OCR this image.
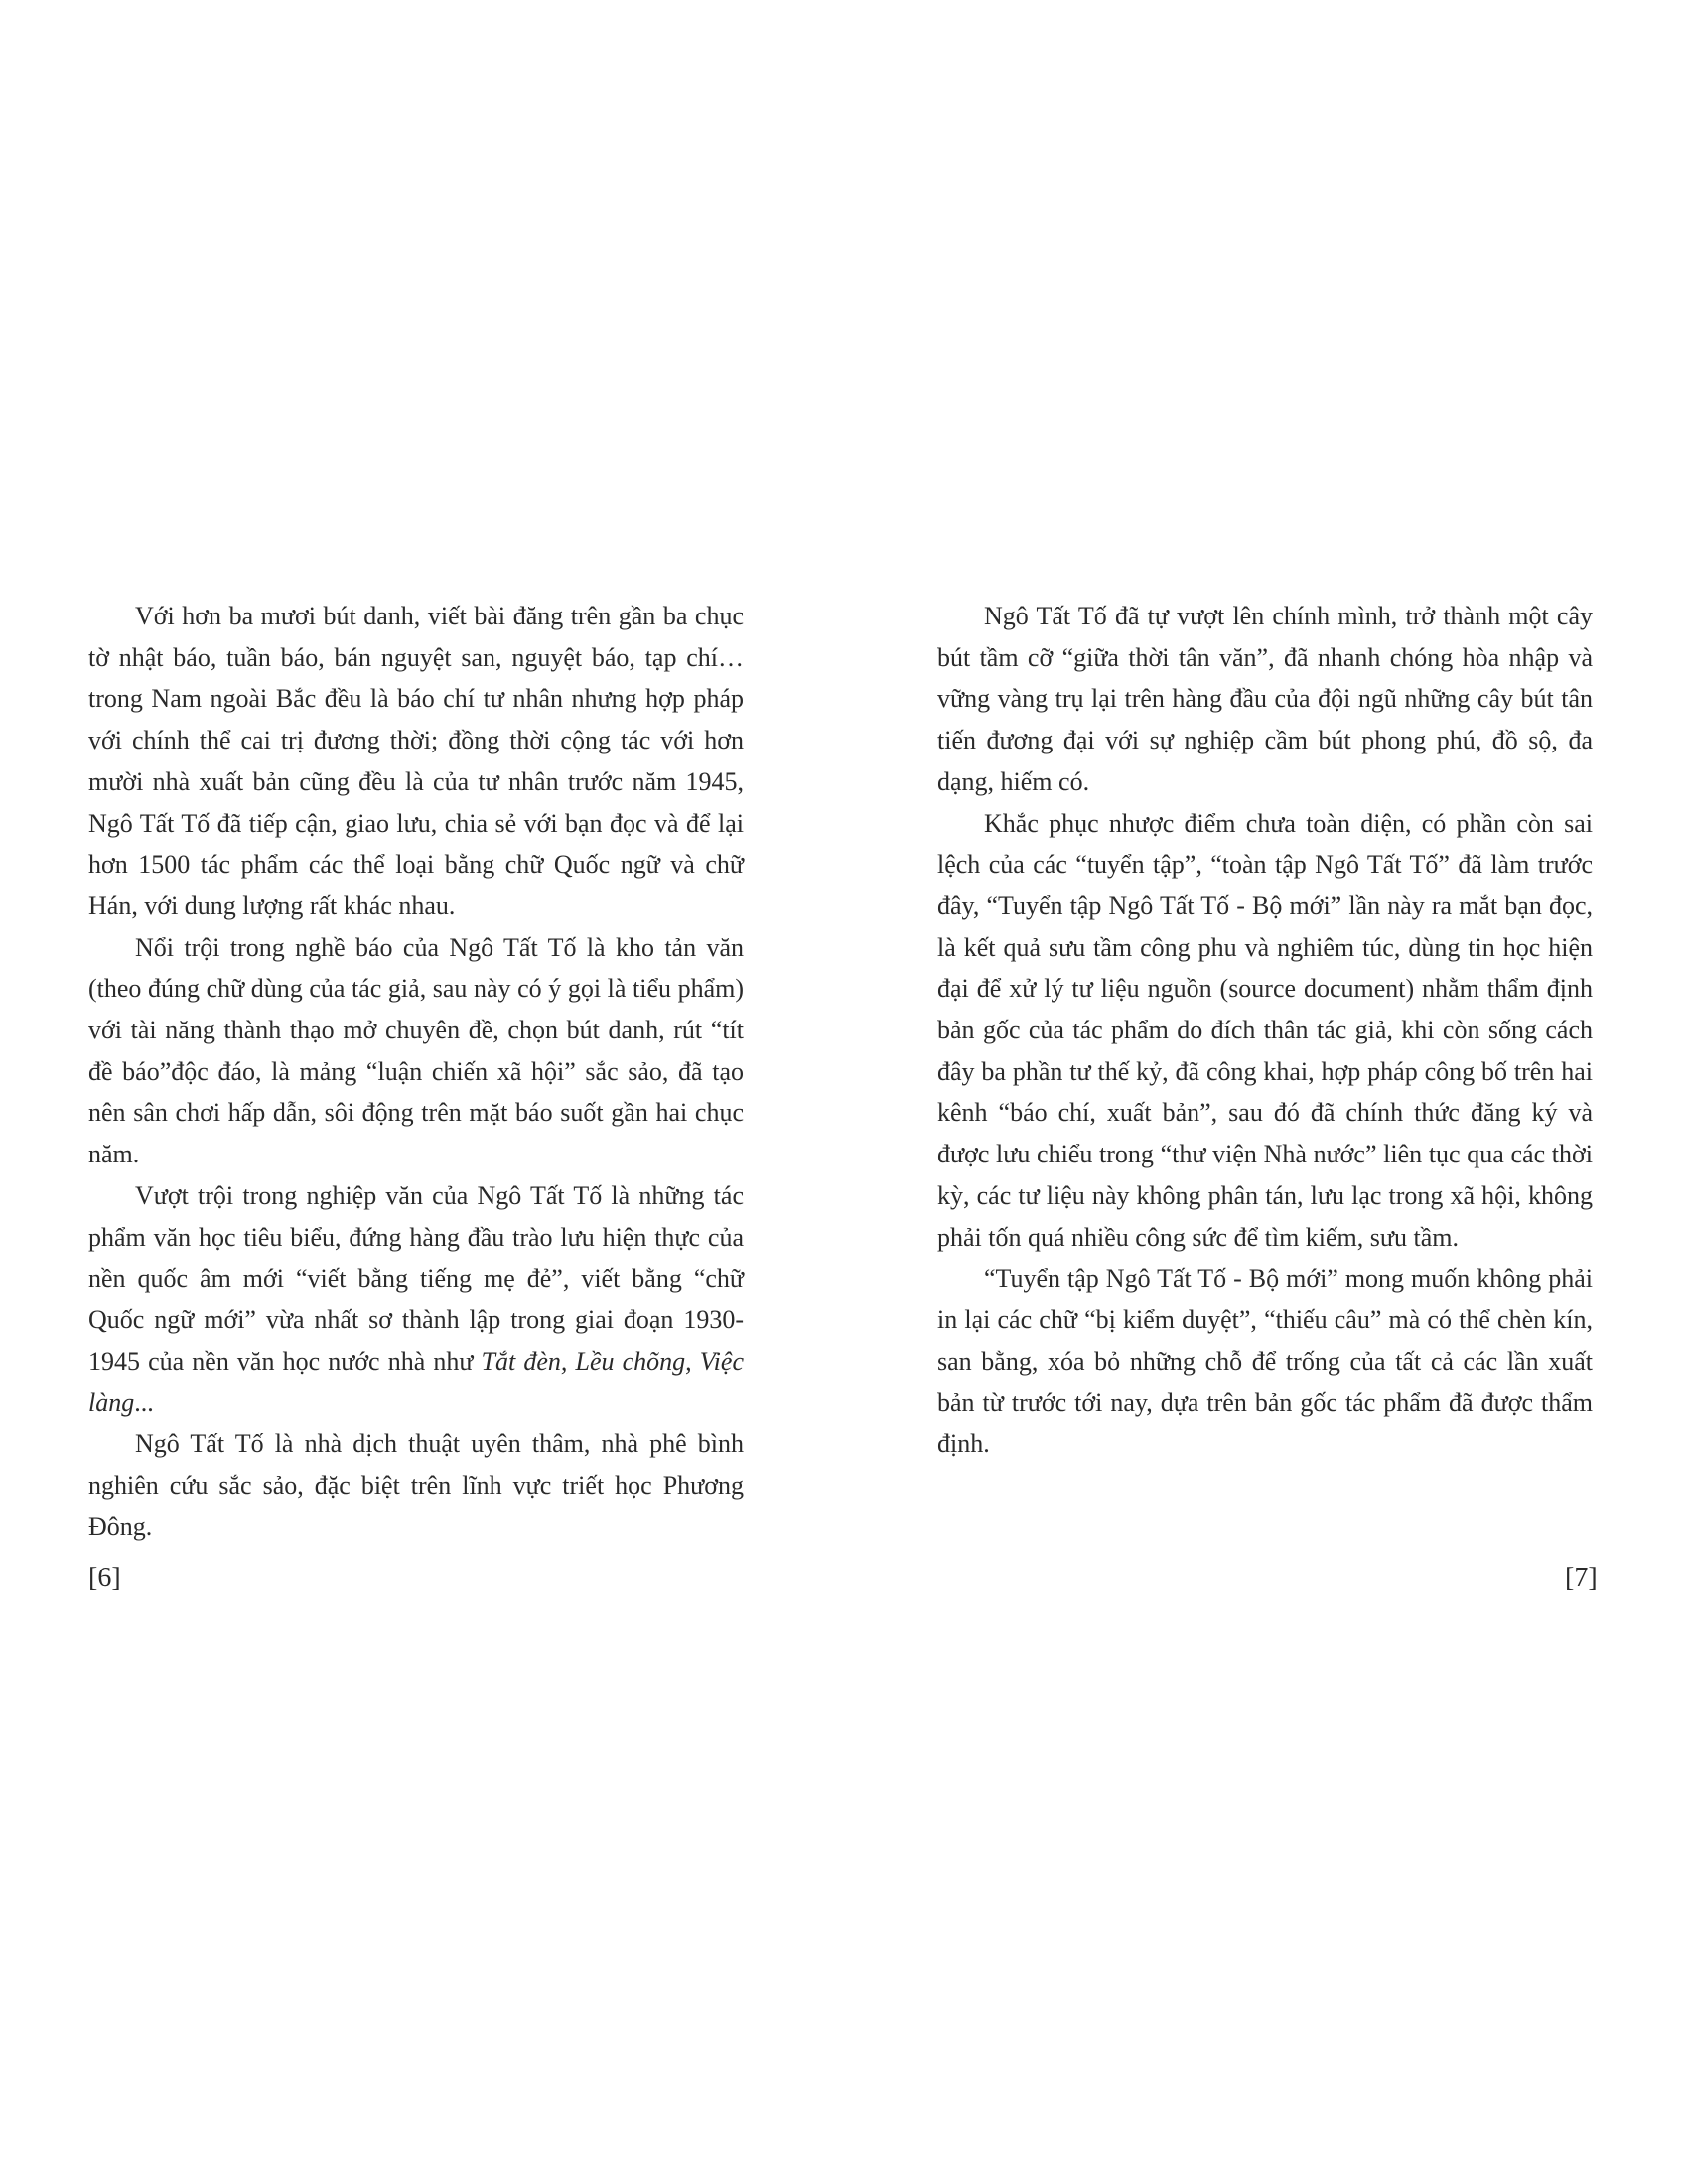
Với hơn ba mươi bút danh, viết bài đăng trên gần ba chục tờ nhật báo, tuần báo, bán nguyệt san, nguyệt báo, tạp chí… trong Nam ngoài Bắc đều là báo chí tư nhân nhưng hợp pháp với chính thể cai trị đương thời; đồng thời cộng tác với hơn mười nhà xuất bản cũng đều là của tư nhân trước năm 1945, Ngô Tất Tố đã tiếp cận, giao lưu, chia sẻ với bạn đọc và để lại hơn 1500 tác phẩm các thể loại bằng chữ Quốc ngữ và chữ Hán, với dung lượng rất khác nhau.

Nổi trội trong nghề báo của Ngô Tất Tố là kho tản văn (theo đúng chữ dùng của tác giả, sau này có ý gọi là tiểu phẩm) với tài năng thành thạo mở chuyên đề, chọn bút danh, rút “tít đề báo”độc đáo, là mảng “luận chiến xã hội” sắc sảo, đã tạo nên sân chơi hấp dẫn, sôi động trên mặt báo suốt gần hai chục năm.

Vượt trội trong nghiệp văn của Ngô Tất Tố là những tác phẩm văn học tiêu biểu, đứng hàng đầu trào lưu hiện thực của nền quốc âm mới “viết bằng tiếng mẹ đẻ”, viết bằng “chữ Quốc ngữ mới” vừa nhất sơ thành lập trong giai đoạn 1930-1945 của nền văn học nước nhà như Tắt đèn, Lều chõng, Việc làng...

Ngô Tất Tố là nhà dịch thuật uyên thâm, nhà phê bình nghiên cứu sắc sảo, đặc biệt trên lĩnh vực triết học Phương Đông.

Ngô Tất Tố đã tự vượt lên chính mình, trở thành một cây bút tầm cỡ “giữa thời tân văn”, đã nhanh chóng hòa nhập và vững vàng trụ lại trên hàng đầu của đội ngũ những cây bút tân tiến đương đại với sự nghiệp cầm bút phong phú, đồ sộ, đa dạng, hiếm có.

Khắc phục nhược điểm chưa toàn diện, có phần còn sai lệch của các “tuyển tập”, “toàn tập Ngô Tất Tố” đã làm trước đây, “Tuyển tập Ngô Tất Tố - Bộ mới” lần này ra mắt bạn đọc, là kết quả sưu tầm công phu và nghiêm túc, dùng tin học hiện đại để xử lý tư liệu nguồn (source document) nhằm thẩm định bản gốc của tác phẩm do đích thân tác giả, khi còn sống cách đây ba phần tư thế kỷ, đã công khai, hợp pháp công bố trên hai kênh “báo chí, xuất bản”, sau đó đã chính thức đăng ký và được lưu chiểu trong “thư viện Nhà nước” liên tục qua các thời kỳ, các tư liệu này không phân tán, lưu lạc trong xã hội, không phải tốn quá nhiều công sức để tìm kiếm, sưu tầm.

“Tuyển tập Ngô Tất Tố - Bộ mới” mong muốn không phải in lại các chữ “bị kiểm duyệt”, “thiếu câu” mà có thể chèn kín, san bằng, xóa bỏ những chỗ để trống của tất cả các lần xuất bản từ trước tới nay, dựa trên bản gốc tác phẩm đã được thẩm định.

[6]	[7]
